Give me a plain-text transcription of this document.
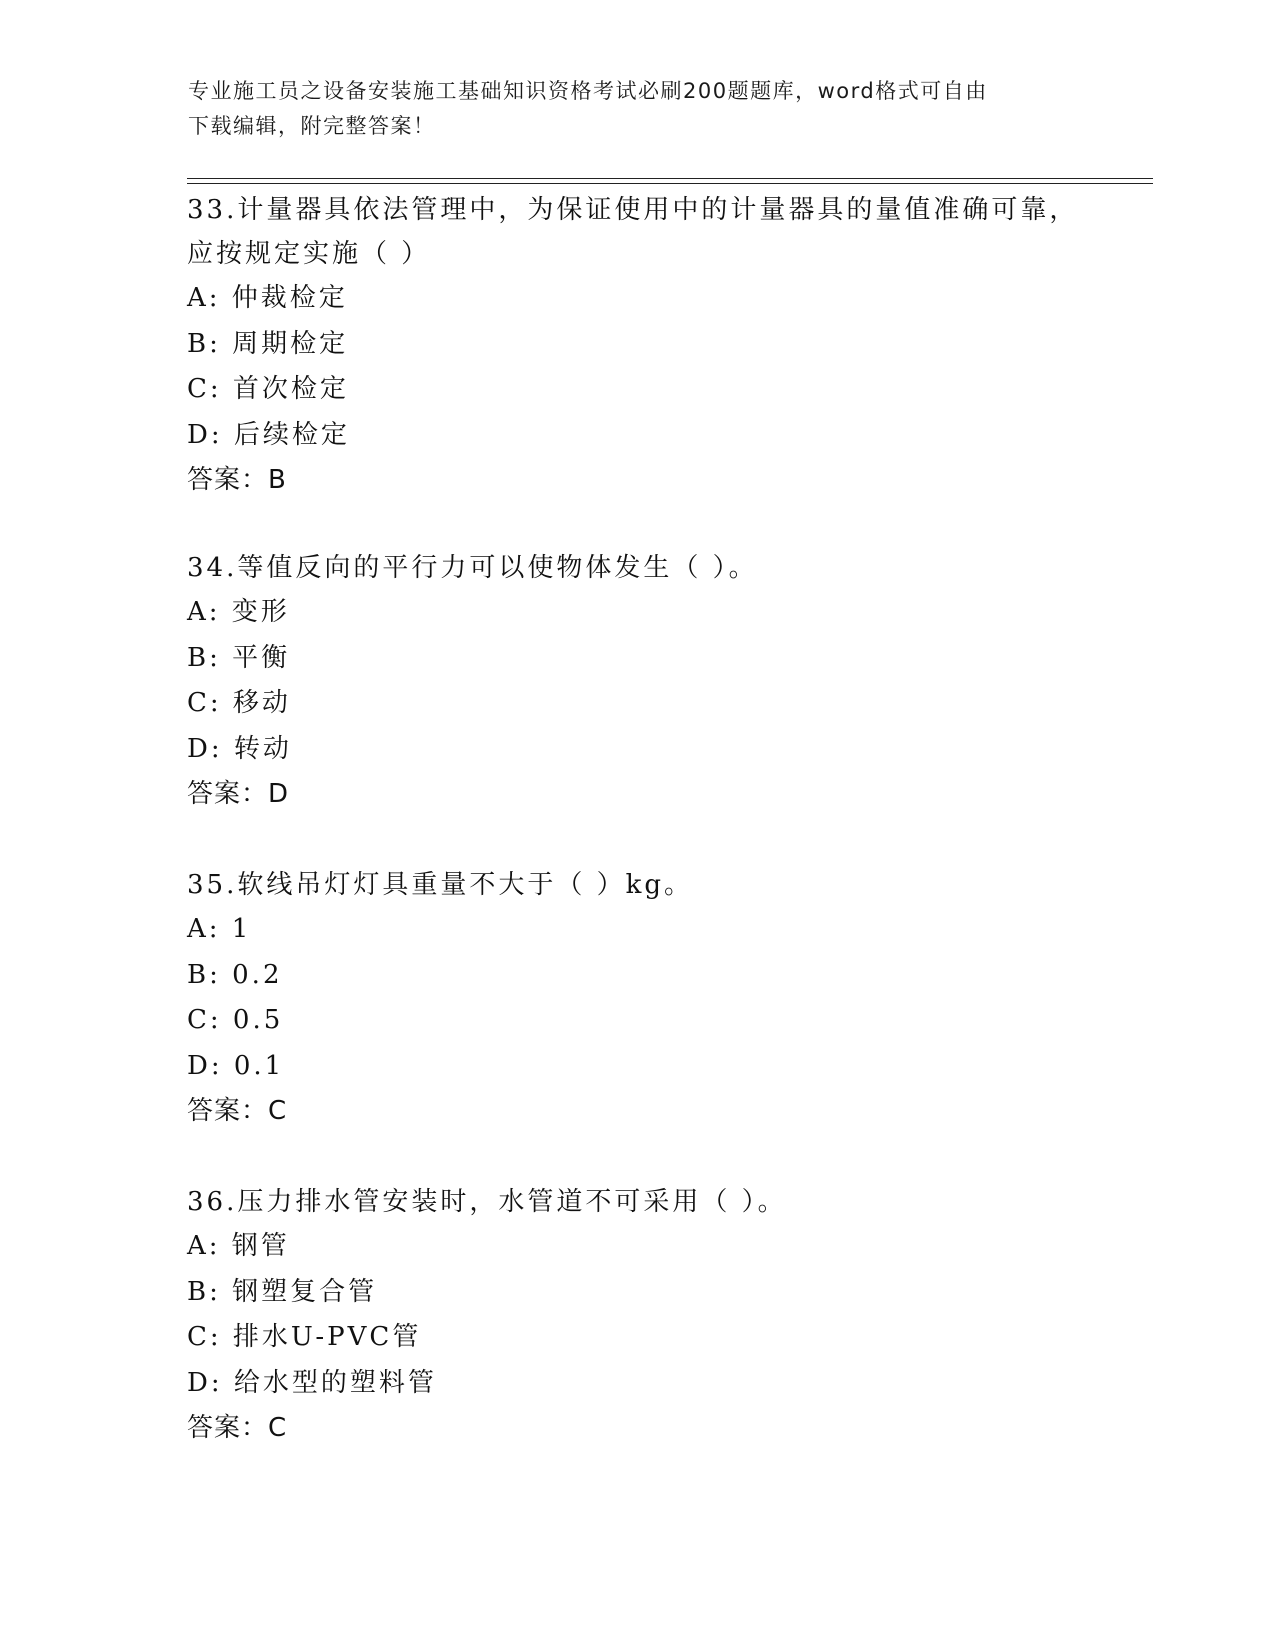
专业施工员之设备安装施工基础知识资格考试必刷200题题库，word格式可自由
下载编辑，附完整答案！

33.计量器具依法管理中，为保证使用中的计量器具的量值准确可靠，

应按规定实施（ ）

A: 仲裁检定

B: 周期检定

C: 首次检定

D: 后续检定

答案：B

34.等值反向的平行力可以使物体发生（ ）。

A: 变形

B: 平衡

C: 移动

D: 转动

答案：D

35.软线吊灯灯具重量不大于（ ）kg。

A: 1

B: 0.2

C: 0.5

D: 0.1

答案：C

36.压力排水管安装时，水管道不可采用（ ）。

A: 钢管

B: 钢塑复合管

C: 排水U-PVC管

D: 给水型的塑料管

答案：C
